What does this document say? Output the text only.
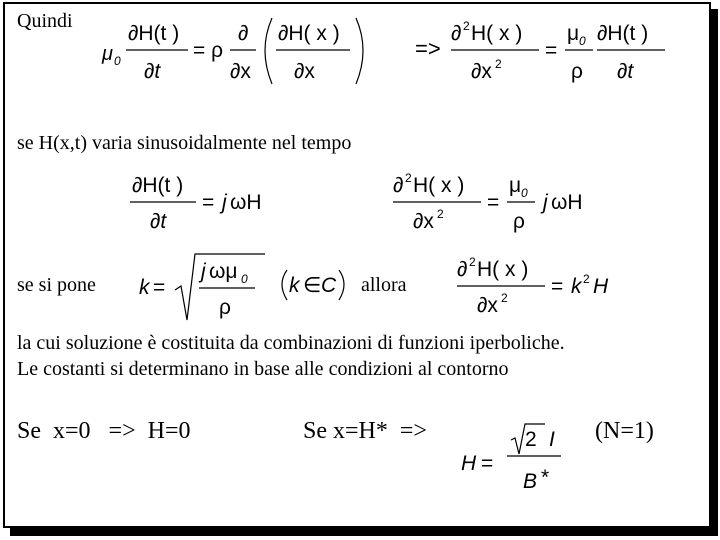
Quindi
μ 0
∂H(t )
∂t
= ρ
∂
∂x
∂H( x )
∂x
=>
∂ 2 H( x )
∂x 2
=
μ 0
ρ
∂H(t )
∂t
se H(x,t) varia sinusoidalmente nel tempo
∂H(t )
∂t
= j ωH
∂ 2 H( x )
∂x 2 =
μ 0
ρ
j ωH
se si pone k =
j ωμ 0
ρ
k ∈ C allora
∂ 2 H( x )
∂x 2 = k 2 H
la cui soluzione è costituita da combinazioni di funzioni iperboliche.
Le costanti si determinano in base alle condizioni al contorno
Se  x=0   =>  H=0	Se x=H*  =>
H =
2 I
B *
(N=1)
